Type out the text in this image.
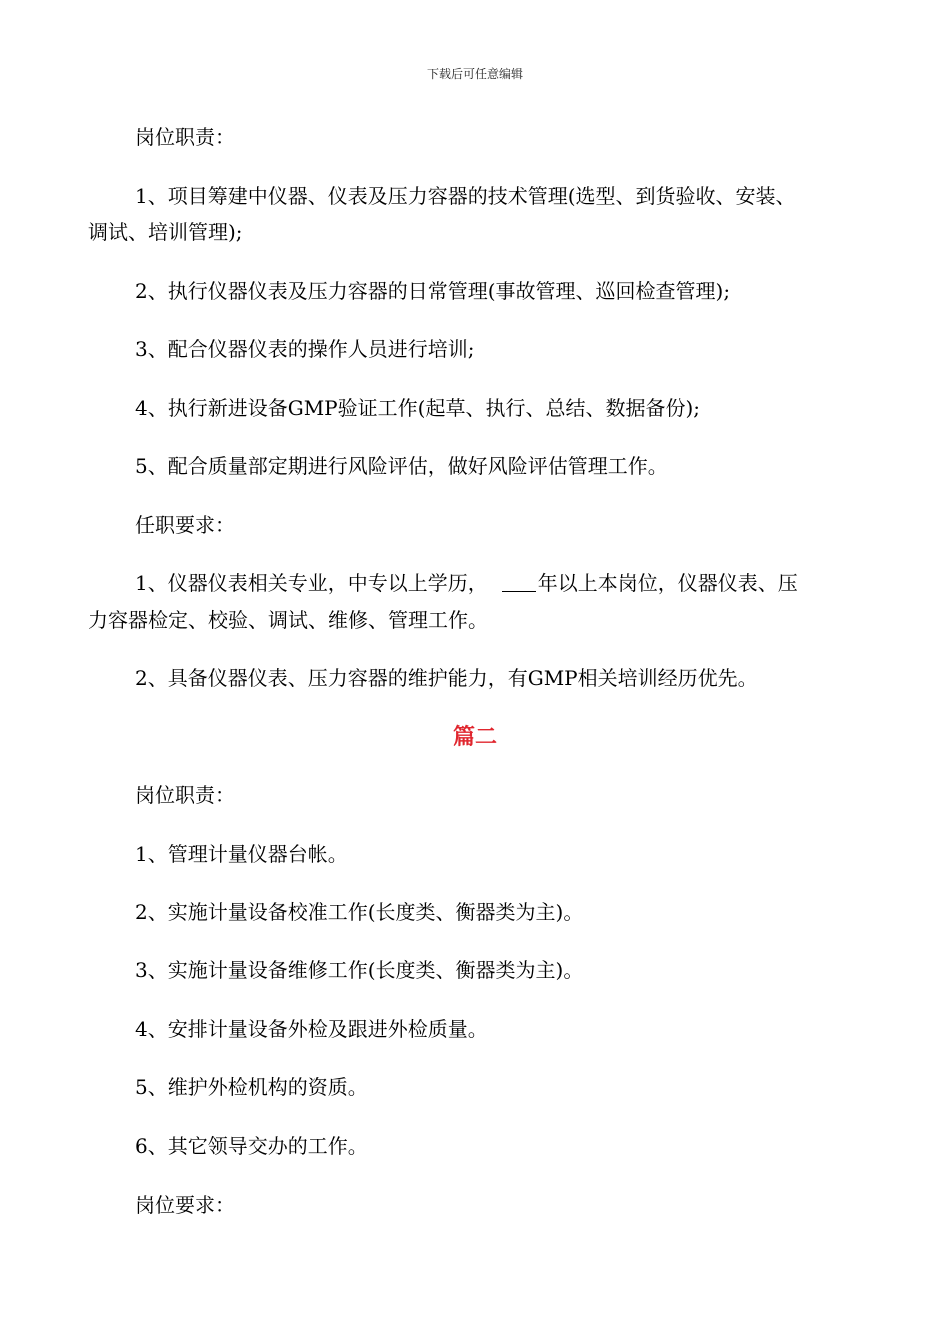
下载后可任意编辑
岗位职责：
1、项目筹建中仪器、仪表及压力容器的技术管理(选型、到货验收、安装、
调试、培训管理);
2、执行仪器仪表及压力容器的日常管理(事故管理、巡回检查管理);
3、配合仪器仪表的操作人员进行培训;
4、执行新进设备GMP验证工作(起草、执行、总结、数据备份);
5、配合质量部定期进行风险评估，做好风险评估管理工作。
任职要求：
1、仪器仪表相关专业，中专以上学历，	年以上本岗位，仪器仪表、压
力容器检定、校验、调试、维修、管理工作。
2、具备仪器仪表、压力容器的维护能力，有GMP相关培训经历优先。
篇二
岗位职责：
1、管理计量仪器台帐。
2、实施计量设备校准工作(长度类、衡器类为主)。
3、实施计量设备维修工作(长度类、衡器类为主)。
4、安排计量设备外检及跟进外检质量。
5、维护外检机构的资质。
6、其它领导交办的工作。
岗位要求：
